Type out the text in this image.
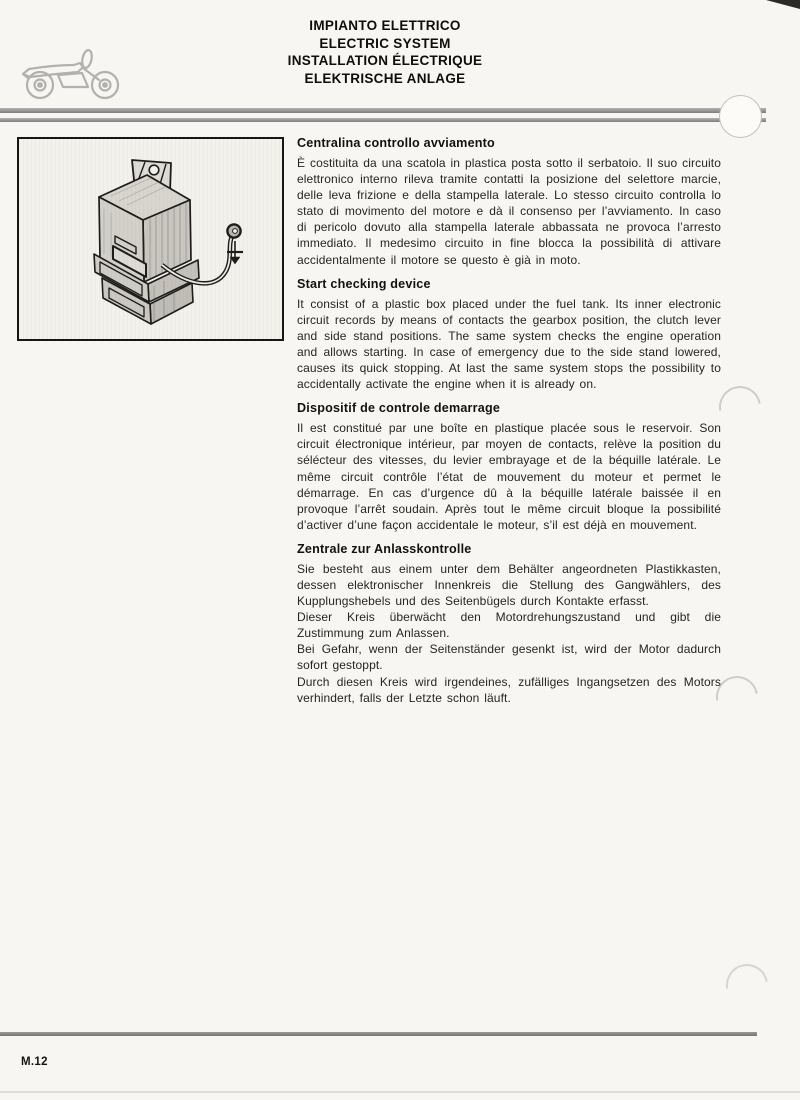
IMPIANTO ELETTRICO
ELECTRIC SYSTEM
INSTALLATION ÉLECTRIQUE
ELEKTRISCHE ANLAGE
Centralina controllo avviamento

È costituita da una scatola in plastica posta sotto il serbatoio. Il suo circuito elettronico interno rileva tramite contatti la posizione del selettore marcie, delle leva frizione e della stampella laterale. Lo stesso circuito controlla lo stato di movimento del motore e dà il consenso per l’avviamento. In caso di pericolo dovuto alla stampella laterale abbassata ne provoca l’arresto immediato. Il medesimo circuito in fine blocca la possibilità di attivare accidentalmente il motore se questo è già in moto.

Start checking device

It consist of a plastic box placed under the fuel tank. Its inner electronic circuit records by means of contacts the gearbox position, the clutch lever and side stand positions. The same system checks the engine operation and allows starting. In case of emergency due to the side stand lowered, causes its quick stopping. At last the same system stops the possibility to accidentally activate the engine when it is already on.

Dispositif de controle demarrage

Il est constitué par une boîte en plastique placée sous le reservoir. Son circuit électronique intérieur, par moyen de contacts, relève la position du sélécteur des vitesses, du levier embrayage et de la béquille latérale. Le même circuit contrôle l’état de mouvement du moteur et permet le démarrage. En cas d’urgence dû à la béquille latérale baissée il en provoque l’arrêt soudain. Après tout le même circuit bloque la possibilité d’activer d’une façon accidentale le moteur, s’il est déjà en mouvement.

Zentrale zur Anlasskontrolle

Sie besteht aus einem unter dem Behälter angeordneten Plastikkasten, dessen elektronischer Innenkreis die Stellung des Gangwählers, des Kupplungshebels und des Seitenbügels durch Kontakte erfasst.

Dieser Kreis überwächt den Motordrehungszustand und gibt die Zustimmung zum Anlassen.

Bei Gefahr, wenn der Seitenständer gesenkt ist, wird der Motor dadurch sofort gestoppt.

Durch diesen Kreis wird irgendeines, zufälliges Ingangsetzen des Motors verhindert, falls der Letzte schon läuft.

M.12
